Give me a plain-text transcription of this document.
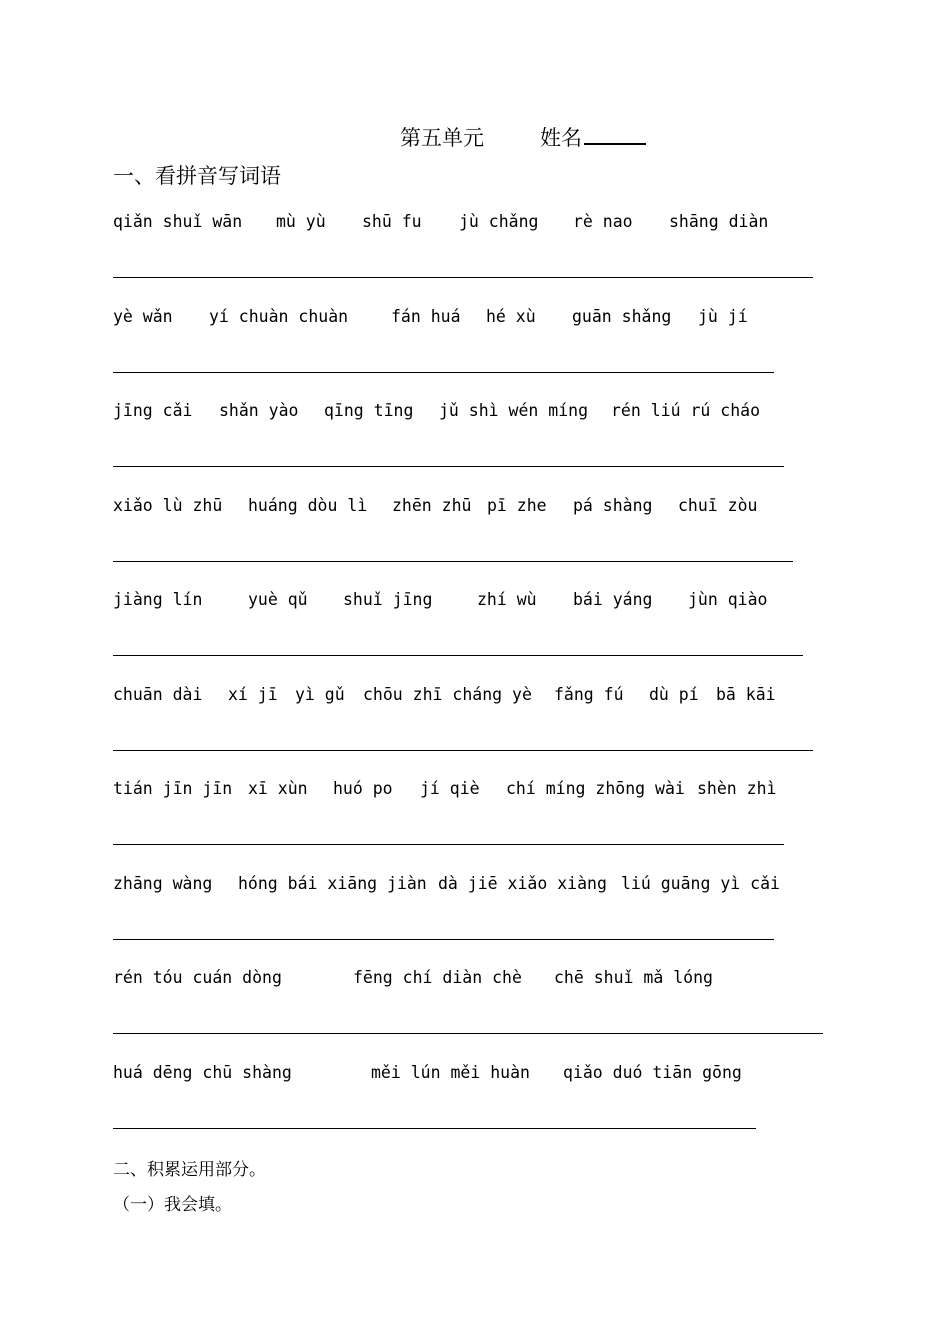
第五单元	姓名
一、看拼音写词语
qiǎn shuǐ wān mù yù shū fu jù chǎng rè nao shāng diàn
yè wǎn yí chuàn chuàn	fán huá hé xù guān shǎng jù jí
jīng cǎi shǎn yào qīng tīng jǔ shì wén míng rén liú rú cháo
xiǎo lù zhū huáng dòu lì zhēn zhū pī zhe pá shàng chuī zòu
jiàng lín	yuè qǔ shuǐ jīng	zhí wù bái yáng jùn qiào
chuān dài xí jī yì gǔ chōu zhī cháng yè fǎng fú dù pí bā kāi
tián jīn jīn xī xùn huó po jí qiè chí míng zhōng wài shèn zhì
zhāng wàng hóng bái xiāng jiàn dà jiē xiǎo xiàng liú guāng yì cǎi
rén tóu cuán dòng	fēng chí diàn chè chē shuǐ mǎ lóng
huá dēng chū shàng	měi lún měi huàn qiǎo duó tiān gōng
二、积累运用部分。
（一）我会填。
